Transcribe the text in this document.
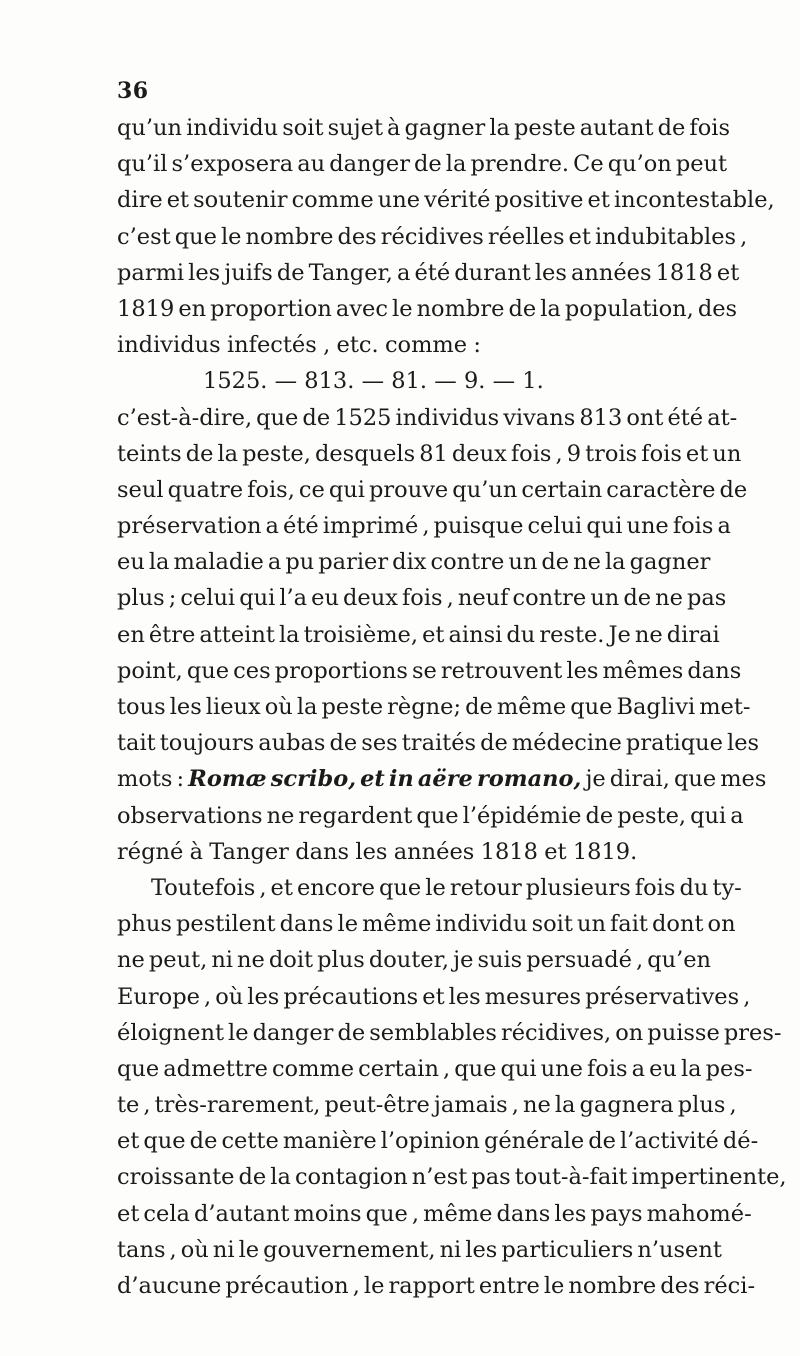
36
qu’un individu soit sujet à gagner la peste autant de fois
qu’il s’exposera au danger de la prendre. Ce qu’on peut
dire et soutenir comme une vérité positive et incontestable,
c’est que le nombre des récidives réelles et indubitables ,
parmi les juifs de Tanger, a été durant les années 1818 et
1819 en proportion avec le nombre de la population, des
individus infectés , etc. comme :
1525. — 813. — 81. — 9. — 1.
c’est-à-dire, que de 1525 individus vivans 813 ont été at-
teints de la peste, desquels 81 deux fois , 9 trois fois et un
seul quatre fois, ce qui prouve qu’un certain caractère de
préservation a été imprimé , puisque celui qui une fois a
eu la maladie a pu parier dix contre un de ne la gagner
plus ; celui qui l’a eu deux fois , neuf contre un de ne pas
en être atteint la troisième, et ainsi du reste. Je ne dirai
point, que ces proportions se retrouvent les mêmes dans
tous les lieux où la peste règne; de même que Baglivi met-
tait toujours aubas de ses traités de médecine pratique les
mots : Romæ scribo, et in aëre romano, je dirai, que mes
observations ne regardent que l’épidémie de peste, qui a
régné à Tanger dans les années 1818 et 1819.
Toutefois , et encore que le retour plusieurs fois du ty-
phus pestilent dans le même individu soit un fait dont on
ne peut, ni ne doit plus douter, je suis persuadé , qu’en
Europe , où les précautions et les mesures préservatives ,
éloignent le danger de semblables récidives, on puisse pres-
que admettre comme certain , que qui une fois a eu la pes-
te , très-rarement, peut-être jamais , ne la gagnera plus ,
et que de cette manière l’opinion générale de l’activité dé-
croissante de la contagion n’est pas tout-à-fait impertinente,
et cela d’autant moins que , même dans les pays mahomé-
tans , où ni le gouvernement, ni les particuliers n’usent
d’aucune précaution , le rapport entre le nombre des réci-
